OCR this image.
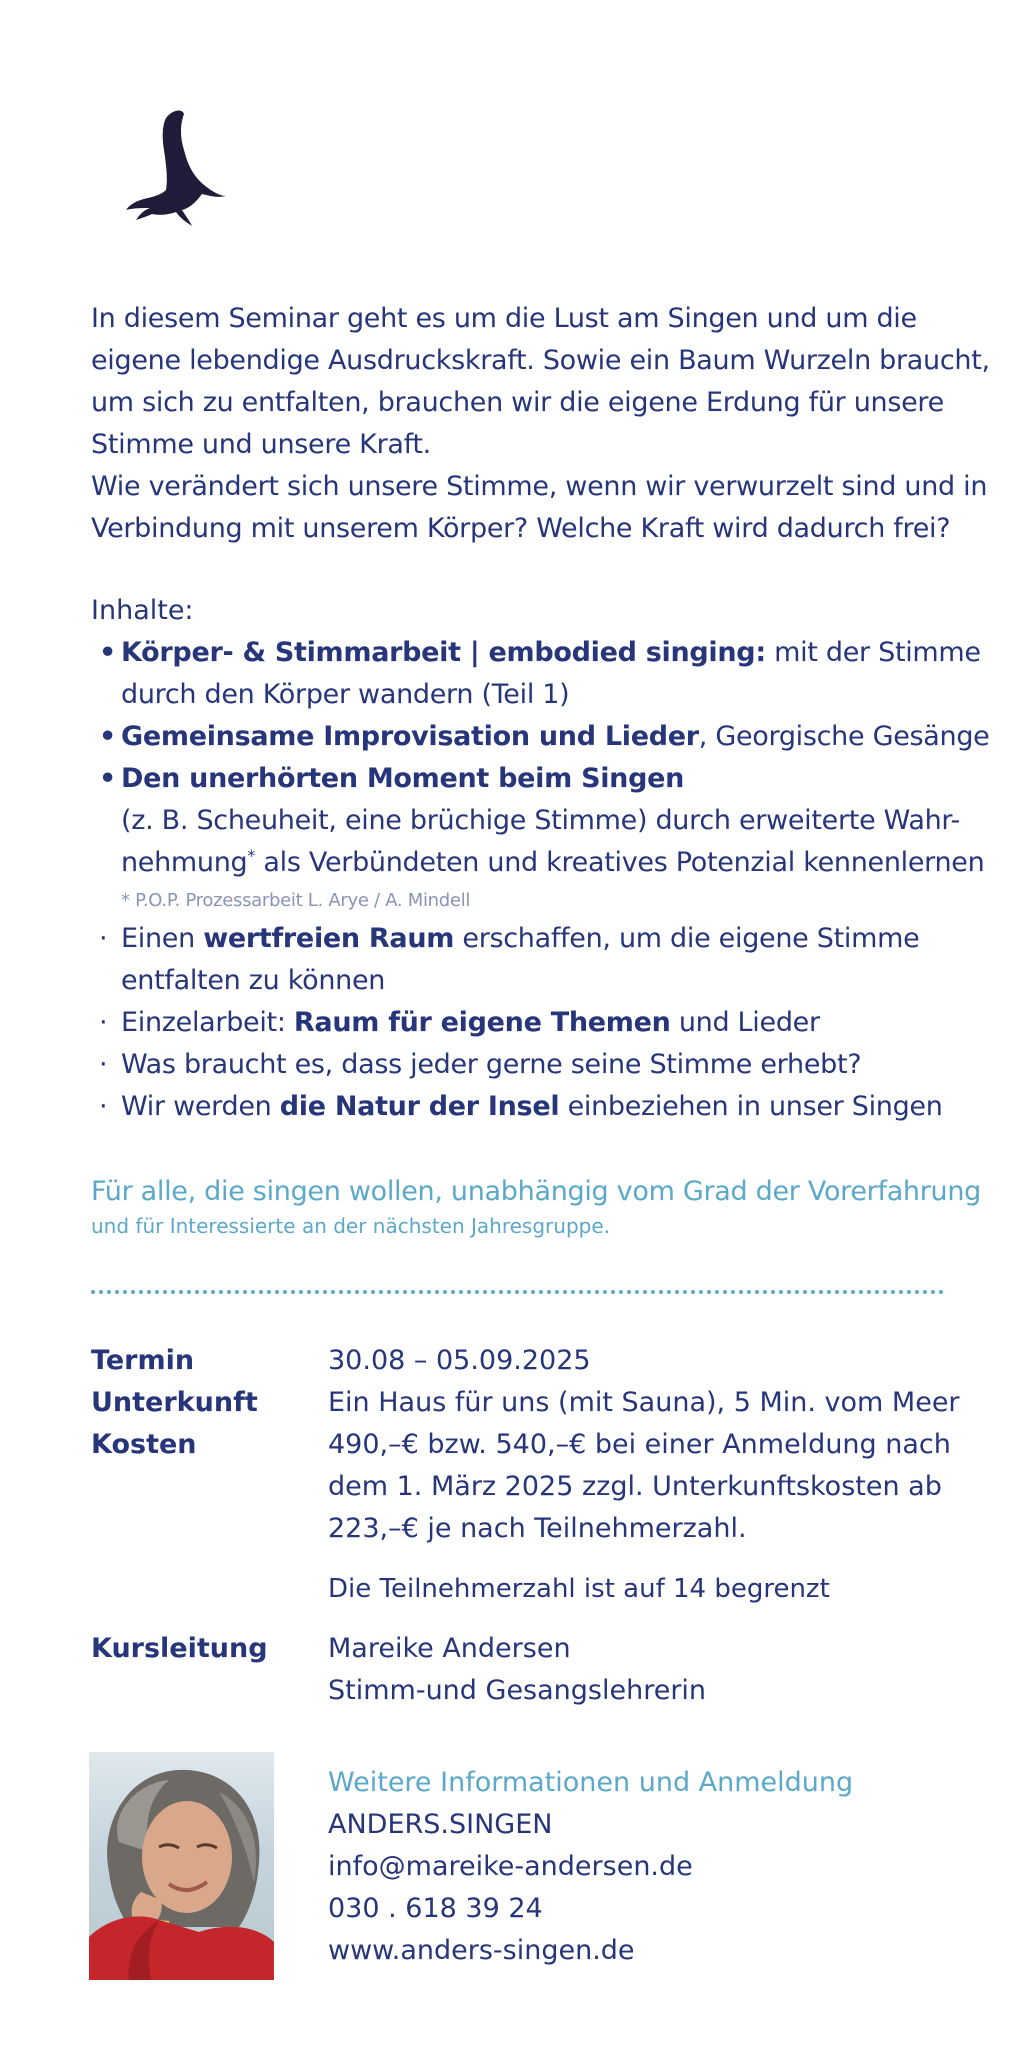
In diesem Seminar geht es um die Lust am Singen und um die eigene lebendige Ausdruckskraft. Sowie ein Baum Wurzeln braucht, um sich zu entfalten, brauchen wir die eigene Erdung für unsere Stimme und unsere Kraft.

Wie verändert sich unsere Stimme, wenn wir verwurzelt sind und in Verbindung mit unserem Körper? Welche Kraft wird dadurch frei?

Inhalte:
• Körper- & Stimmarbeit | embodied singing: mit der Stimme durch den Körper wandern (Teil 1)
• Gemeinsame Improvisation und Lieder, Georgische Gesänge
• Den unerhörten Moment beim Singen
(z. B. Scheuheit, eine brüchige Stimme) durch erweiterte Wahr-nehmung* als Verbündeten und kreatives Potenzial kennenlernen
* P.O.P. Prozessarbeit L. Arye / A. Mindell
· Einen wertfreien Raum erschaffen, um die eigene Stimme entfalten zu können
· Einzelarbeit: Raum für eigene Themen und Lieder
· Was braucht es, dass jeder gerne seine Stimme erhebt?
· Wir werden die Natur der Insel einbeziehen in unser Singen
Für alle, die singen wollen, unabhängig vom Grad der Vorerfahrung
und für Interessierte an der nächsten Jahresgruppe.
Termin	30.08 – 05.09.2025
Unterkunft	Ein Haus für uns (mit Sauna), 5 Min. vom Meer
Kosten	490,–€ bzw. 540,–€ bei einer Anmeldung nach dem 1. März 2025 zzgl. Unterkunftskosten ab 223,–€ je nach Teilnehmerzahl.
Die Teilnehmerzahl ist auf 14 begrenzt
Kursleitung	Mareike Andersen
Stimm-und Gesangslehrerin
Weitere Informationen und Anmeldung
ANDERS.SINGEN
info@mareike-andersen.de
030 . 618 39 24
www.anders-singen.de
